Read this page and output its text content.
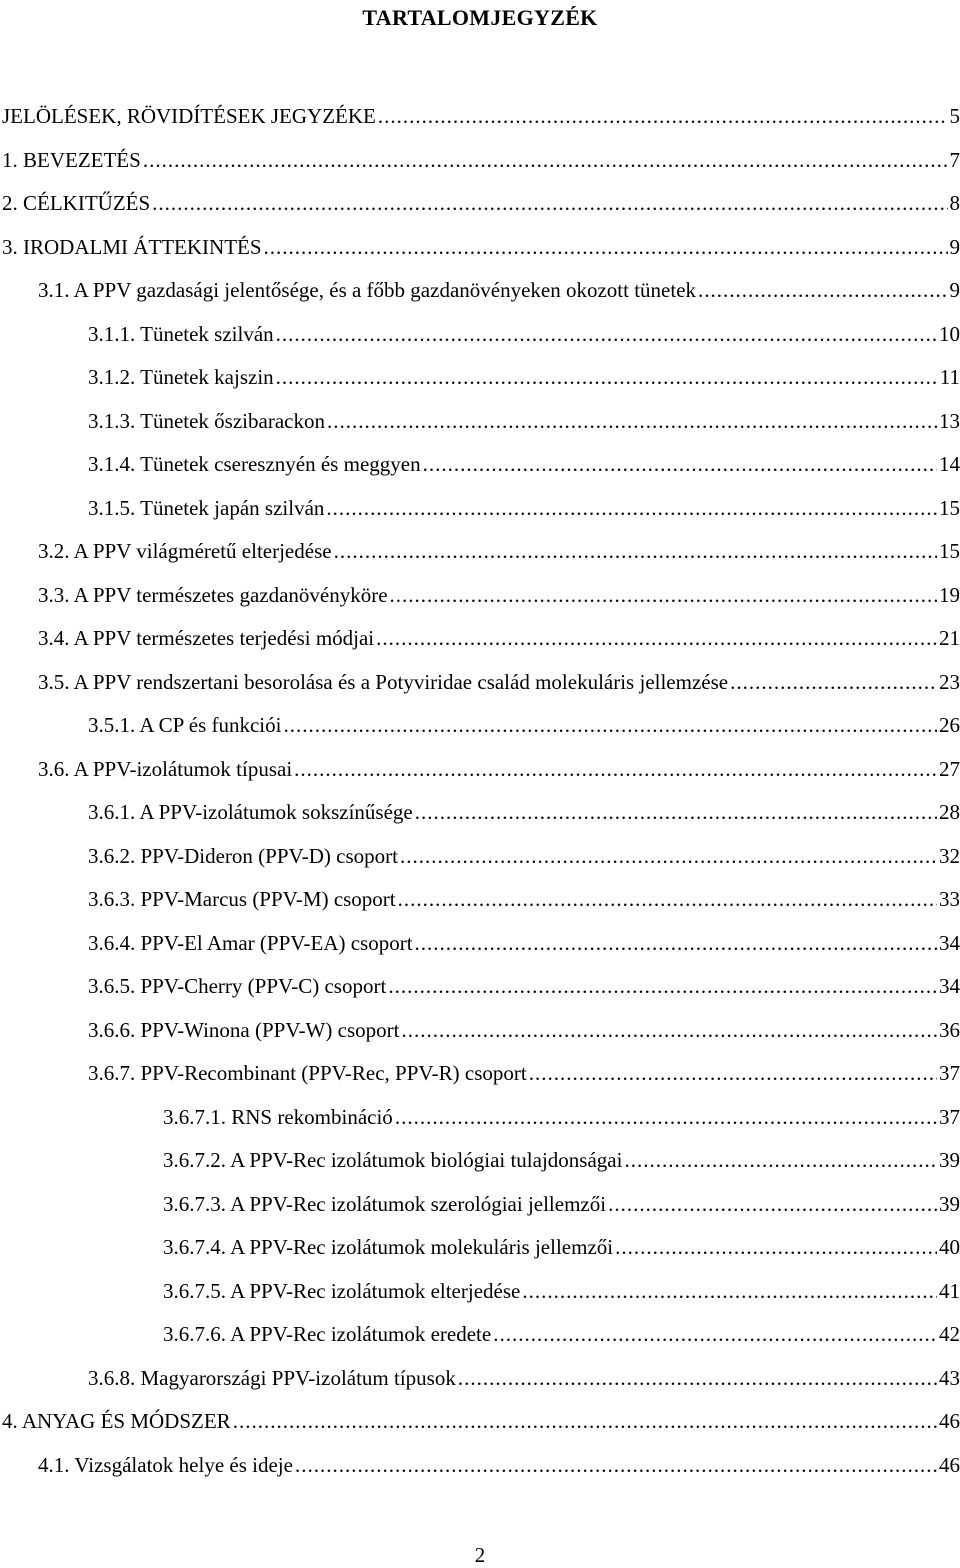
TARTALOMJEGYZÉK
JELÖLÉSEK, RÖVIDÍTÉSEK JEGYZÉKE .....	5
1. BEVEZETÉS .....	7
2. CÉLKITŰZÉS .....	8
3. IRODALMI ÁTTEKINTÉS .....	9
3.1. A PPV gazdasági jelentősége, és a főbb gazdanövényeken okozott tünetek .....	9
3.1.1. Tünetek szilván .....	10
3.1.2. Tünetek kajszin .....	11
3.1.3. Tünetek őszibarackon .....	13
3.1.4. Tünetek cseresznyén és meggyen .....	14
3.1.5. Tünetek japán szilván .....	15
3.2. A PPV világméretű elterjedése .....	15
3.3. A PPV természetes gazdanövényköre .....	19
3.4. A PPV természetes terjedési módjai .....	21
3.5. A PPV rendszertani besorolása és a Potyviridae család molekuláris jellemzése .....	23
3.5.1. A CP és funkciói .....	26
3.6. A PPV-izolátumok típusai .....	27
3.6.1. A PPV-izolátumok sokszínűsége .....	28
3.6.2. PPV-Dideron (PPV-D) csoport .....	32
3.6.3. PPV-Marcus (PPV-M) csoport .....	33
3.6.4. PPV-El Amar (PPV-EA) csoport .....	34
3.6.5. PPV-Cherry (PPV-C) csoport .....	34
3.6.6. PPV-Winona (PPV-W) csoport .....	36
3.6.7. PPV-Recombinant (PPV-Rec, PPV-R) csoport .....	37
3.6.7.1. RNS rekombináció .....	37
3.6.7.2. A PPV-Rec izolátumok biológiai tulajdonságai .....	39
3.6.7.3. A PPV-Rec izolátumok szerológiai jellemzői .....	39
3.6.7.4. A PPV-Rec izolátumok molekuláris jellemzői .....	40
3.6.7.5. A PPV-Rec izolátumok elterjedése .....	41
3.6.7.6. A PPV-Rec izolátumok eredete .....	42
3.6.8. Magyarországi PPV-izolátum típusok .....	43
4. ANYAG ÉS MÓDSZER .....	46
4.1. Vizsgálatok helye és ideje .....	46
2
